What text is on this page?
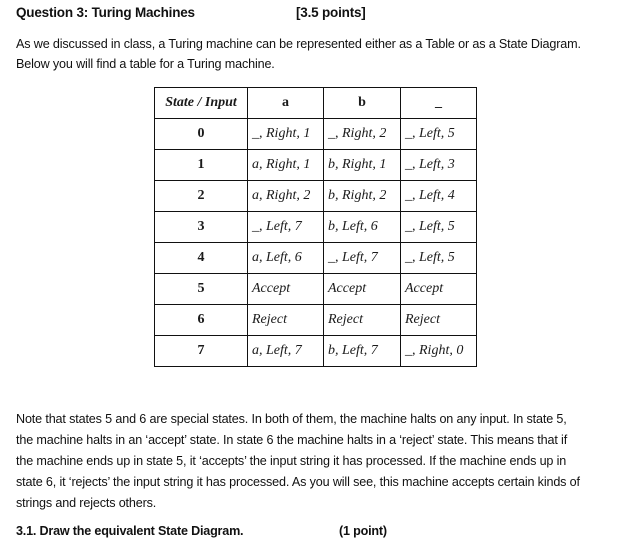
Question 3: Turing Machines	[3.5 points]
As we discussed in class, a Turing machine can be represented either as a Table or as a State Diagram.
Below you will find a table for a Turing machine.
State / Input	a	b	_
0	_, Right, 1	_, Right, 2	_, Left, 5
1	a, Right, 1	b, Right, 1	_, Left, 3
2	a, Right, 2	b, Right, 2	_, Left, 4
3	_, Left, 7	b, Left, 6	_, Left, 5
4	a, Left, 6	_, Left, 7	_, Left, 5
5	Accept	Accept	Accept
6	Reject	Reject	Reject
7	a, Left, 7	b, Left, 7	_, Right, 0
Note that states 5 and 6 are special states. In both of them, the machine halts on any input. In state 5,
the machine halts in an ‘accept’ state. In state 6 the machine halts in a ‘reject’ state. This means that if
the machine ends up in state 5, it ‘accepts’ the input string it has processed. If the machine ends up in
state 6, it ‘rejects’ the input string it has processed. As you will see, this machine accepts certain kinds of
strings and rejects others.
3.1. Draw the equivalent State Diagram.	(1 point)
